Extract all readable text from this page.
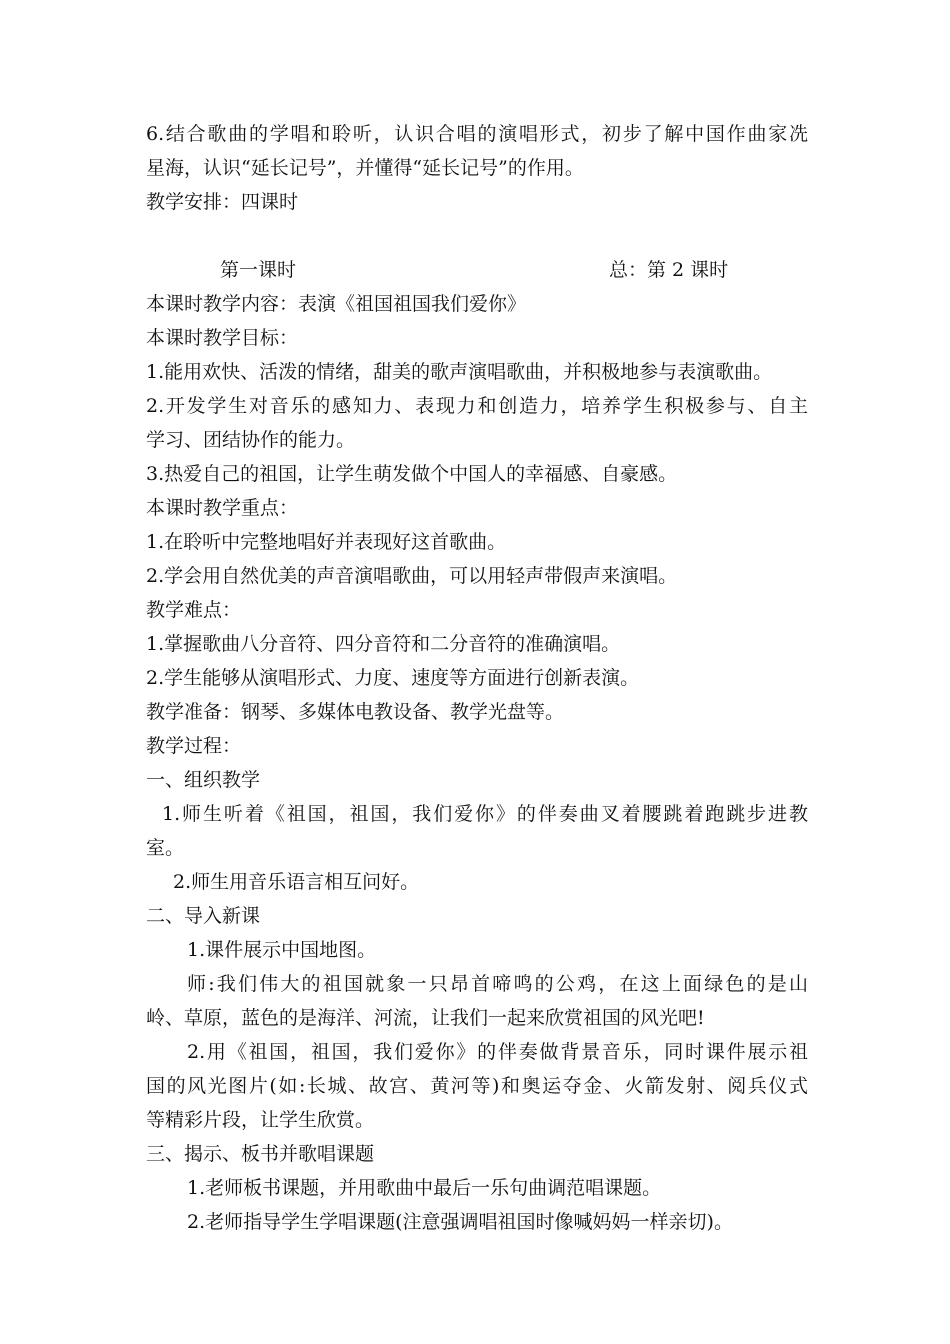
6.结合歌曲的学唱和聆听，认识合唱的演唱形式，初步了解中国作曲家冼
星海，认识“延长记号”，并懂得“延长记号”的作用。
教学安排：四课时
第一课时	总：第 2 课时
本课时教学内容：表演《祖国祖国我们爱你》
本课时教学目标：
1.能用欢快、活泼的情绪，甜美的歌声演唱歌曲，并积极地参与表演歌曲。
2.开发学生对音乐的感知力、表现力和创造力，培养学生积极参与、自主
学习、团结协作的能力。
3.热爱自己的祖国，让学生萌发做个中国人的幸福感、自豪感。
本课时教学重点：
1.在聆听中完整地唱好并表现好这首歌曲。
2.学会用自然优美的声音演唱歌曲，可以用轻声带假声来演唱。
教学难点：
1.掌握歌曲八分音符、四分音符和二分音符的准确演唱。
2.学生能够从演唱形式、力度、速度等方面进行创新表演。
教学准备：钢琴、多媒体电教设备、教学光盘等。
教学过程：
一、组织教学
1.师生听着《祖国，祖国，我们爱你》的伴奏曲叉着腰跳着跑跳步进教
室。
2.师生用音乐语言相互问好。
二、导入新课
1.课件展示中国地图。
师:我们伟大的祖国就象一只昂首啼鸣的公鸡，在这上面绿色的是山
岭、草原，蓝色的是海洋、河流，让我们一起来欣赏祖国的风光吧!
2.用《祖国，祖国，我们爱你》的伴奏做背景音乐，同时课件展示祖
国的风光图片(如:长城、故宫、黄河等)和奥运夺金、火箭发射、阅兵仪式
等精彩片段，让学生欣赏。
三、揭示、板书并歌唱课题
1.老师板书课题，并用歌曲中最后一乐句曲调范唱课题。
2.老师指导学生学唱课题(注意强调唱祖国时像喊妈妈一样亲切)。
